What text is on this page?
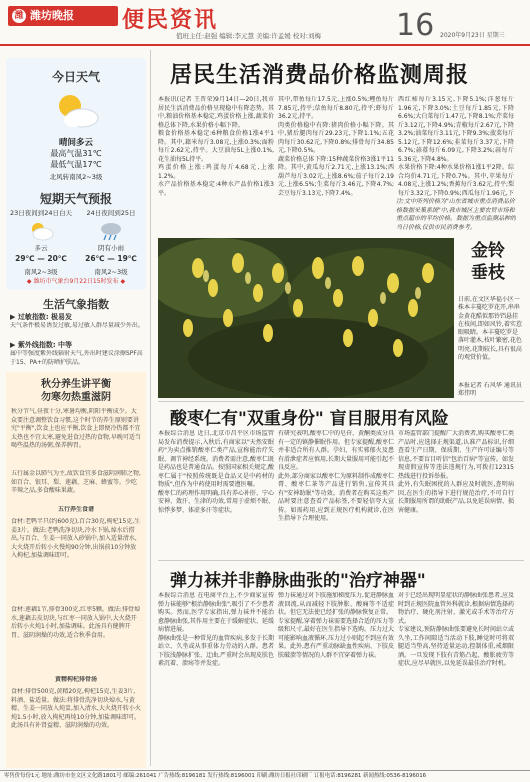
潍 潍坊晚报	便民资讯
值班主任:赵强 编辑:李元慧 美编:许孟媛 校对:刘梅	16 2020年9月23日 星期三
今日天气
晴间多云
最高气温31℃
最低气温17℃
北风转南风2~3级
短期天气预报
23日夜间到24日白天
多云
29℃ — 20℃
南风2~3级
24日夜间到25日
阴有小雨
26℃ — 19℃
南风2~3级
◆ 潍坊市气象台9月22日15时发布 ◆
生活气象指数
▶ 过敏指数: 极易发
天气条件极易诱发过敏,易过敏人群尽量减少外出。
▶ 紫外线指数: 中等
属中等强度紫外线辐射天气,外出时建议涂擦SPF高于15、PA+的防晒护肤品。
秋分养生讲平衡
勿寒勿热重滋阴
秋分节气,昼夜十分,寒暑均衡,阴阳平衡成少。大众要注意调整饮食习惯,这个时节的养生原则要讲究"平衡",饮食上也应平衡,饮食上即便冷热都不宜太热也不宜太寒,避免进食过热的食物,早晚可适当喝些温热的汤粥,保养脾胃。
五行属金以肺气为主,故饮食宜多食滋阴润肺之物,如百合、银耳、梨、莲藕、芝麻、蜂蜜等。少吃辛辣之品,多食酸味果蔬。
五行养生食谱
食材:老鸭半只(约600克),百合30克,枸杞15克,生姜3片。做法:老鸭洗净切块,冷水下锅,焯水后捞出,与百合、生姜一同放入砂锅中,加入适量清水,大火烧开后转小火慢炖90分钟,出锅前10分钟放入枸杞,加盐调味即可。
食材:莲藕1节,排骨300克,红枣5颗。做法:排骨焯水,莲藕去皮切块,与红枣一同放入锅中,大火烧开后转小火炖1小时,加盐调味。此汤具有健脾开胃、滋阴润燥的功效,适合秋季食用。
黄精枸杞排骨汤
食材:排骨500克,黄精20克,枸杞15克,生姜3片,料酒、盐适量。做法:将排骨洗净切块焯水,与黄精、生姜一同放入炖盅,加入清水,大火烧开转小火炖1.5小时,放入枸杞再炖10分钟,加盐调味即可。此汤具有补肾益精、滋阴润燥的功效。
居民生活消费品价格监测周报
本报讯(记者 王晋荣)9月14日—20日,我市居民生活消费品价格呈现稳中有降态势。其中,粮油价格基本稳定,鸡蛋价格上涨,蔬菜价格总体下降,水果价格小幅下降。
粮食价格基本稳定:6种粮食价格1涨4平1降。其中,籍米每斤3.08元,上涨0.3%;面粉每斤2.62元,持平。大豆油每5L上涨0.1%,花生油每5L持平。
鸡蛋价格上涨:鸡蛋每斤4.68元,上涨1.2%。
水产品价格基本稳定:4种水产品价格1涨3平。
其中,带鱼每斤17.5元,上涨0.5%;鲤鱼每斤7.85元,持平;草鱼每斤8.80元,持平;虾每斤36.2元,持平。
肉类价格稳中有降:猪肉价格小幅下降。其中,猪后腿肉每斤29.23元,下降1.1%;五花肉每斤30.62元,下降0.8%;排骨每斤34.85元,下降0.5%。
蔬菜价格总体下降:15种蔬菜价格3涨1平11降。其中,黄瓜每斤2.71元,上涨13.1%;西葫芦每斤3.02元,上涨8.6%;茄子每斤2.19元,上涨6.5%;生菜每斤3.46元,下降4.7%;芸豆每斤3.13元,下降7.4%。
西红柿每斤3.15元,下降5.1%;洋葱每斤1.96元,下降3.0%;土豆每斤1.85元,下降6.6%;大白菜每斤1.47元,下降8.1%;芹菜每斤3.12元,下降4.9%;青椒每斤2.67元,下降3.2%;油菜每斤3.11元,下降9.3%;菠菜每斤5.12元,下降12.6%;韭菜每斤3.37元,下降6.7%;蒜薹每斤6.09元,下降3.2%;蒜每斤5.36元,下降4.8%。
水果价格下降:4种水果价格1涨1平2降。综合均价4.71元,下降0.7%。其中,苹果每斤4.08元,上涨1.2%;香蕉每斤3.62元,持平;梨每斤3.32元,下降0.9%;西瓜每斤1.96元,下
注:文中所列价格为"山东省城市重点消费品价格数据采集系统"中,我市城区主要农贸市场和重点超市的平均价格。数据为重点监测品种的当日价格,仅供市民消费参考。
金铃
垂枝
日前,在文区华福小区一株本丰蔓吃罗花开,串串金黄花酷似那铃铛悬挂在枝间,即如风铃,着实惹眼吸睛。本丰蔓吃罗是落叶灌木,枝叶繁密,花色明亮,花期较长,具有很高的观赏价值。
本报记者 石风华 通讯员 郑伟明
酸枣仁有"双重身份" 盲目服用有风险
本报综合消息 近日,北京市昌平区市场监管局发布消费提示,入秋后,有商家以"天然安眠药"为卖点推销酸枣仁类产品,宣称能治疗失眠、调节神经系统。消费者需注意,酸枣仁既是药品也是普通食品。按照国家相关规定,酸枣仁属于"按照传统既是食品又是中药材的物质",但作为中药使用时需要遵医嘱。
酸枣仁的药理作用明确,具有养心补肝、宁心安神、敛汗、生津的功效,常用于虚烦不眠、惊悸多梦、体虚多汗等症状。
有研究表明,酸枣仁中的皂苷、黄酮类成分具有一定的镇静催眠作用。但专家提醒,酸枣仁并非适合所有人群。孕妇、有实邪郁火及患有滑泄症者应慎用,长期大量服用可能引起不良反应。
此外,部分商家以酸枣仁为原料制作成酸枣仁膏、酸枣仁茶等产品进行销售,宣传其具有"安神助眠"等功效。消费者在购买这类产品时要注意查看产品标签,不要轻信夸大宣传。如需药用,应到正规医疗机构就诊,在医生指导下合理使用。
市场监管部门提醒广大消费者,购买酸枣仁类产品时,应选择正规渠道,认准产品标识,仔细查看生产日期、保质期、生产许可证编号等信息,不要盲目听信"包治百病"等宣传。如发现虚假宣传等违法违规行为,可拨打12315热线进行投诉举报。
此外,有失眠困扰的人群应及时就医,查明病因,在医生的指导下进行规范治疗,不可自行长期服用所谓的助眠产品,以免延误病情、损害健康。
弹力袜并非静脉曲张的"治疗神器"
本报综合消息 在电商平台上,不少商家宣传弹力袜能够"根治静脉曲张",吸引了不少患者购买。然而,医学专家指出,弹力袜并不能治愈静脉曲张,其作用主要在于缓解症状、延缓病情进展。
静脉曲张是一种常见的血管疾病,多发于长期站立、久坐或从事重体力劳动的人群。患者下肢浅静脉扩张、迂曲,严重时会出现皮肤色素沉着、溃疡等并发症。
弹力袜通过对下肢施加梯度压力,促进静脉血液回流,从而减轻下肢肿胀、酸痛等不适症状。但它无法使已经扩张的静脉恢复正常。
专家提醒,穿着弹力袜需要选择合适的压力等级和尺寸,最好在医生指导下选购。压力过大可能影响血液循环,压力过小则起不到应有效果。此外,患有严重动脉缺血性疾病、下肢皮肤破溃等情况的人群不宜穿着弹力袜。
对于已经出现明显症状的静脉曲张患者,应及时到正规医院血管外科就诊,根据病情选择药物治疗、硬化剂注射、激光或手术等治疗方式。
专家建议,预防静脉曲张要避免长时间站立或久坐,工作间隙适当活动下肢,睡觉时可将双腿适当垫高,坚持适量运动,控制体重,戒烟限酒。一旦发现下肢有青筋凸起、酸胀疲劳等症状,应尽早就医,以免延误最佳治疗时机。
零售价每份1元 地址:潍坊市奎文区文化路1801号 邮编:261041 广告热线:8196181 发行热线:8196001 印刷:潍坊日报社印刷厂 订报电话:8196281 新闻热线:0536-8196016
